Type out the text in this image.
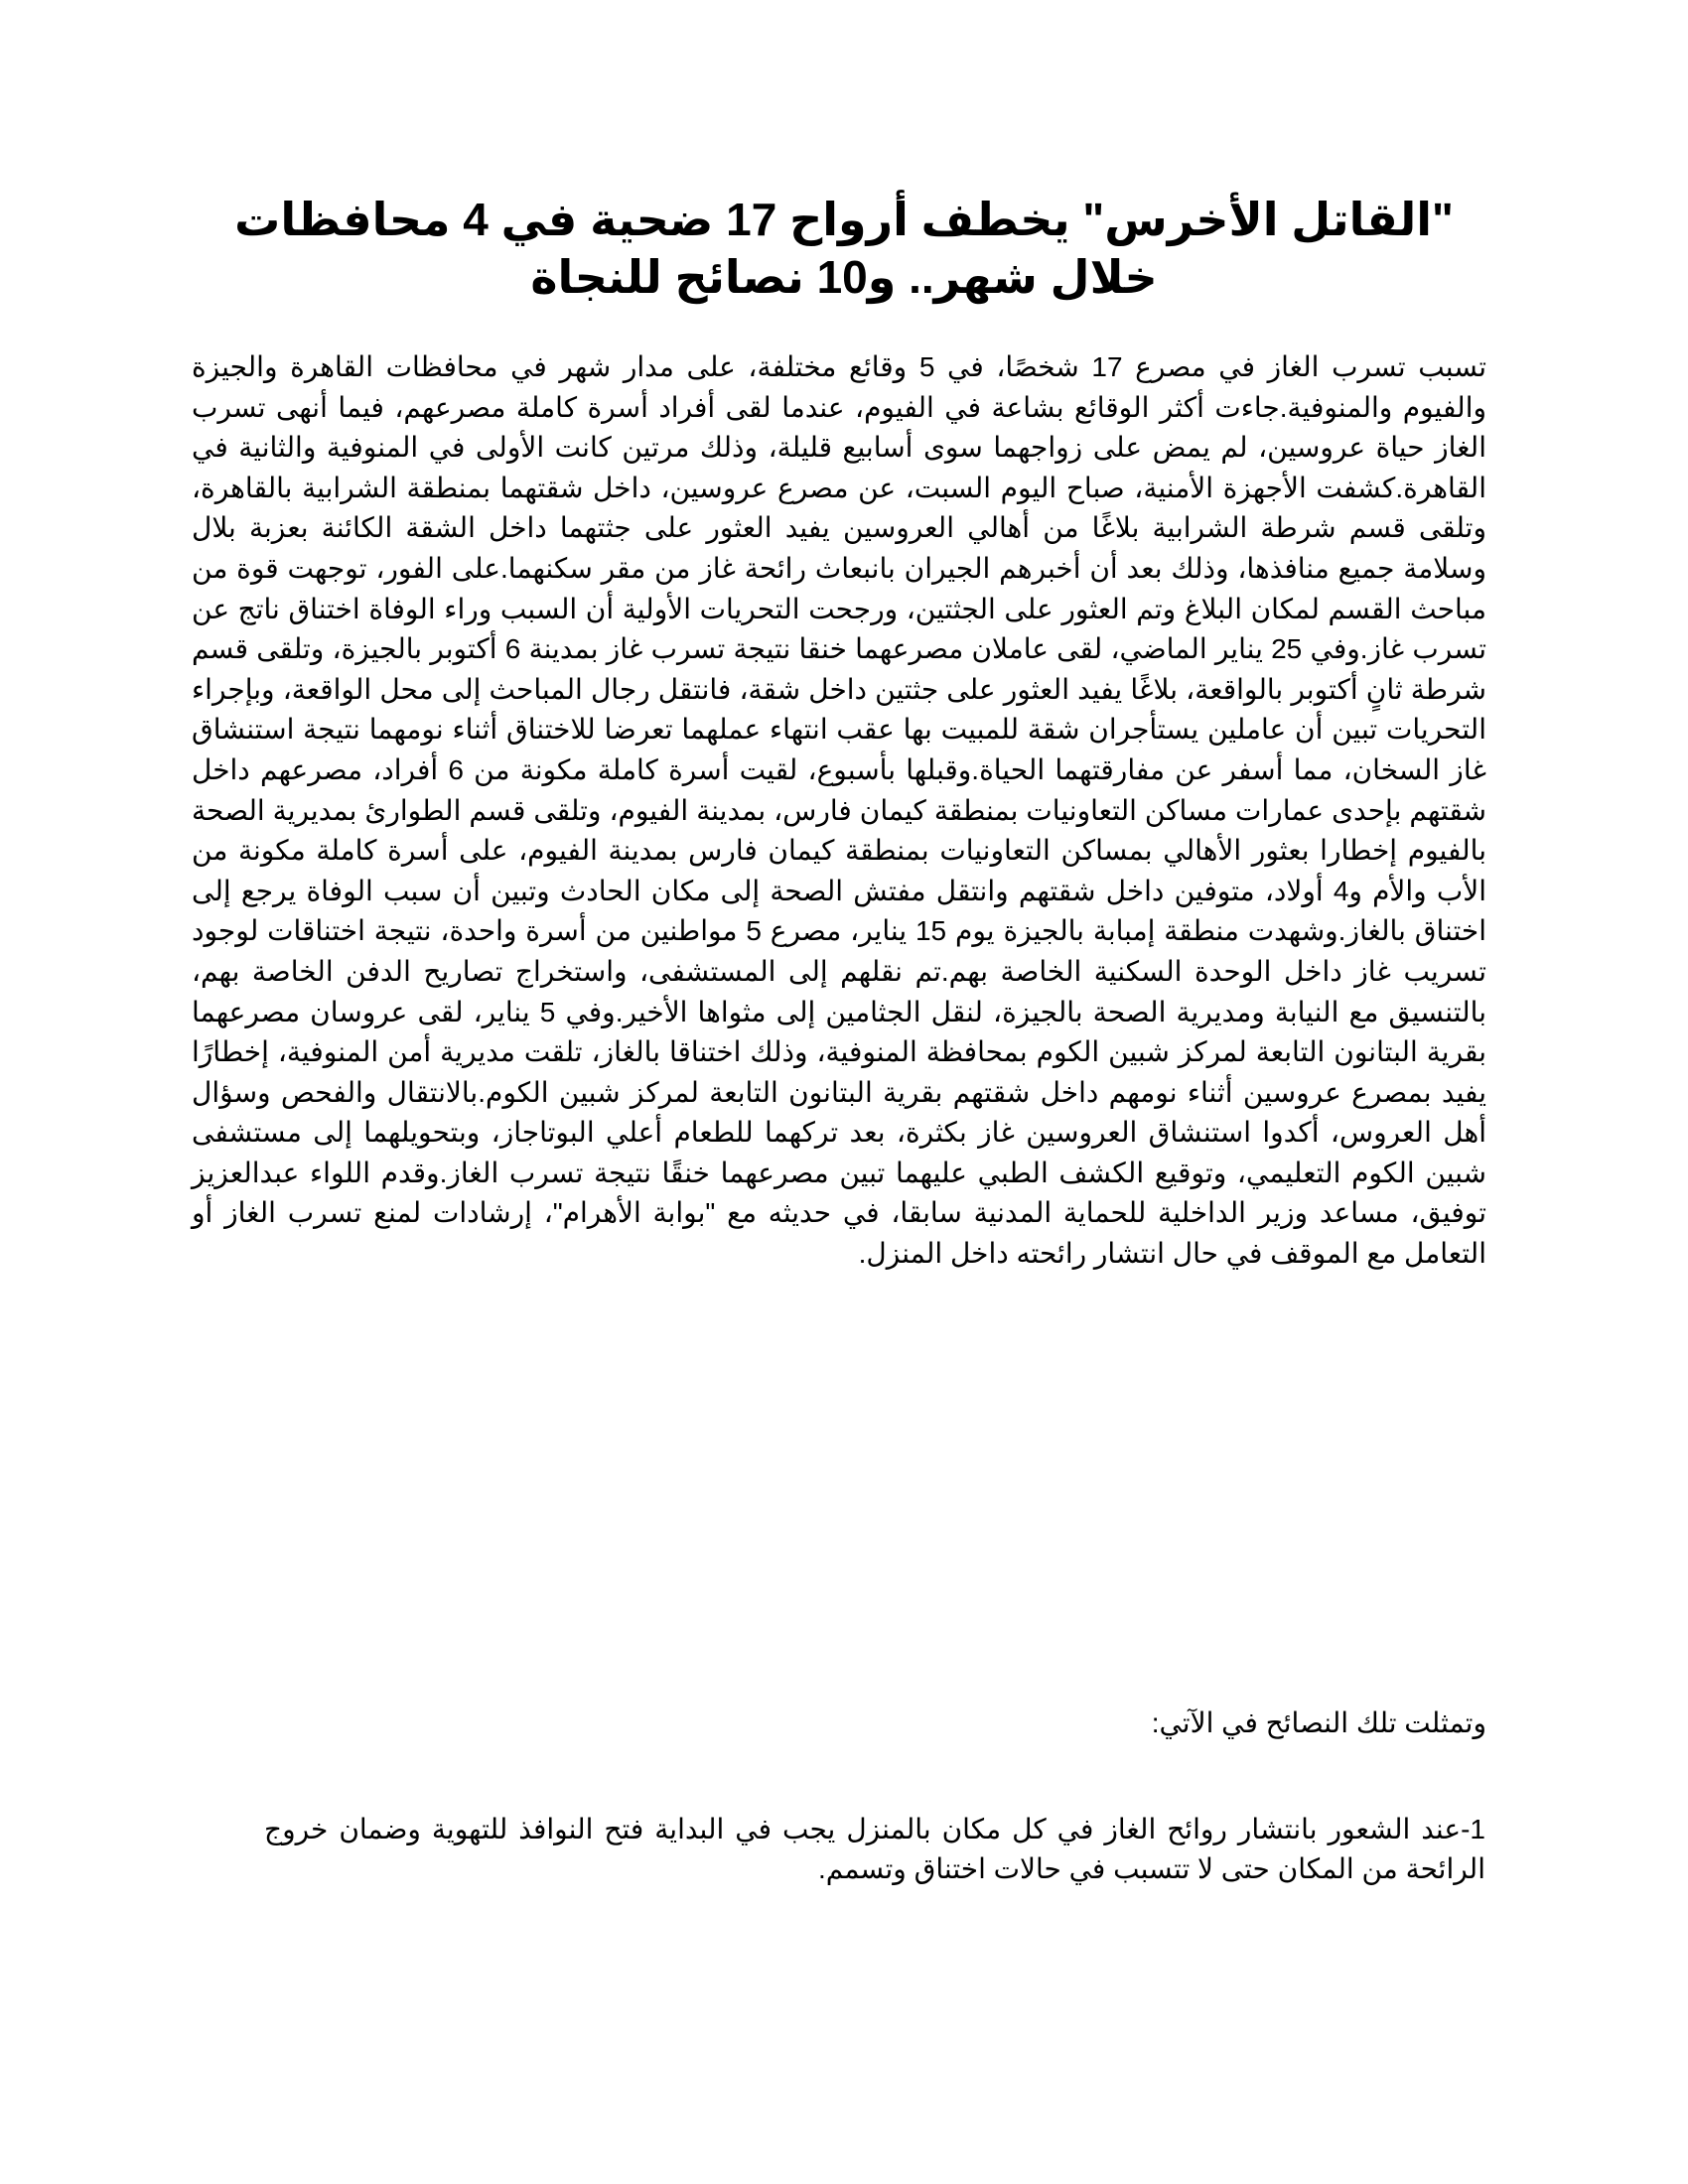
"القاتل الأخرس" يخطف أرواح 17 ضحية في 4 محافظات خلال شهر.. و10 نصائح للنجاة

تسبب تسرب الغاز في مصرع 17 شخصًا، في 5 وقائع مختلفة، على مدار شهر في محافظات القاهرة والجيزة والفيوم والمنوفية.جاءت أكثر الوقائع بشاعة في الفيوم، عندما لقى أفراد أسرة كاملة مصرعهم، فيما أنهى تسرب الغاز حياة عروسين، لم يمض على زواجهما سوى أسابيع قليلة، وذلك مرتين كانت الأولى في المنوفية والثانية في القاهرة.كشفت الأجهزة الأمنية، صباح اليوم السبت، عن مصرع عروسين، داخل شقتهما بمنطقة الشرابية بالقاهرة، وتلقى قسم شرطة الشرابية بلاغًا من أهالي العروسين يفيد العثور على جثتهما داخل الشقة الكائنة بعزبة بلال وسلامة جميع منافذها، وذلك بعد أن أخبرهم الجيران بانبعاث رائحة غاز من مقر سكنهما.على الفور، توجهت قوة من مباحث القسم لمكان البلاغ وتم العثور على الجثتين، ورجحت التحريات الأولية أن السبب وراء الوفاة اختناق ناتج عن تسرب غاز.وفي 25 يناير الماضي، لقى عاملان مصرعهما خنقا نتيجة تسرب غاز بمدينة 6 أكتوبر بالجيزة، وتلقى قسم شرطة ثانٍ أكتوبر بالواقعة، بلاغًا يفيد العثور على جثتين داخل شقة، فانتقل رجال المباحث إلى محل الواقعة، وبإجراء التحريات تبين أن عاملين يستأجران شقة للمبيت بها عقب انتهاء عملهما تعرضا للاختناق أثناء نومهما نتيجة استنشاق غاز السخان، مما أسفر عن مفارقتهما الحياة.وقبلها بأسبوع، لقيت أسرة كاملة مكونة من 6 أفراد، مصرعهم داخل شقتهم بإحدى عمارات مساكن التعاونيات بمنطقة كيمان فارس، بمدينة الفيوم، وتلقى قسم الطوارئ بمديرية الصحة بالفيوم إخطارا بعثور الأهالي بمساكن التعاونيات بمنطقة كيمان فارس بمدينة الفيوم، على أسرة كاملة مكونة من الأب والأم و4 أولاد، متوفين داخل شقتهم وانتقل مفتش الصحة إلى مكان الحادث وتبين أن سبب الوفاة يرجع إلى اختناق بالغاز.وشهدت منطقة إمبابة بالجيزة يوم 15 يناير، مصرع 5 مواطنين من أسرة واحدة، نتيجة اختناقات لوجود تسريب غاز داخل الوحدة السكنية الخاصة بهم.تم نقلهم إلى المستشفى، واستخراج تصاريح الدفن الخاصة بهم، بالتنسيق مع النيابة ومديرية الصحة بالجيزة، لنقل الجثامين إلى مثواها الأخير.وفي 5 يناير، لقى عروسان مصرعهما بقرية البتانون التابعة لمركز شبين الكوم بمحافظة المنوفية، وذلك اختناقا بالغاز، تلقت مديرية أمن المنوفية، إخطارًا يفيد بمصرع عروسين أثناء نومهم داخل شقتهم بقرية البتانون التابعة لمركز شبين الكوم.بالانتقال والفحص وسؤال أهل العروس، أكدوا استنشاق العروسين غاز بكثرة، بعد تركهما للطعام أعلي البوتاجاز، وبتحويلهما إلى مستشفى شبين الكوم التعليمي، وتوقيع الكشف الطبي عليهما تبين مصرعهما خنقًا نتيجة تسرب الغاز.وقدم اللواء عبدالعزيز توفيق، مساعد وزير الداخلية للحماية المدنية سابقا، في حديثه مع "بوابة الأهرام"، إرشادات لمنع تسرب الغاز أو التعامل مع الموقف في حال انتشار رائحته داخل المنزل.

وتمثلت تلك النصائح في الآتي:

1-عند الشعور بانتشار روائح الغاز في كل مكان بالمنزل يجب في البداية فتح النوافذ للتهوية وضمان خروج الرائحة من المكان حتى لا تتسبب في حالات اختناق وتسمم.
